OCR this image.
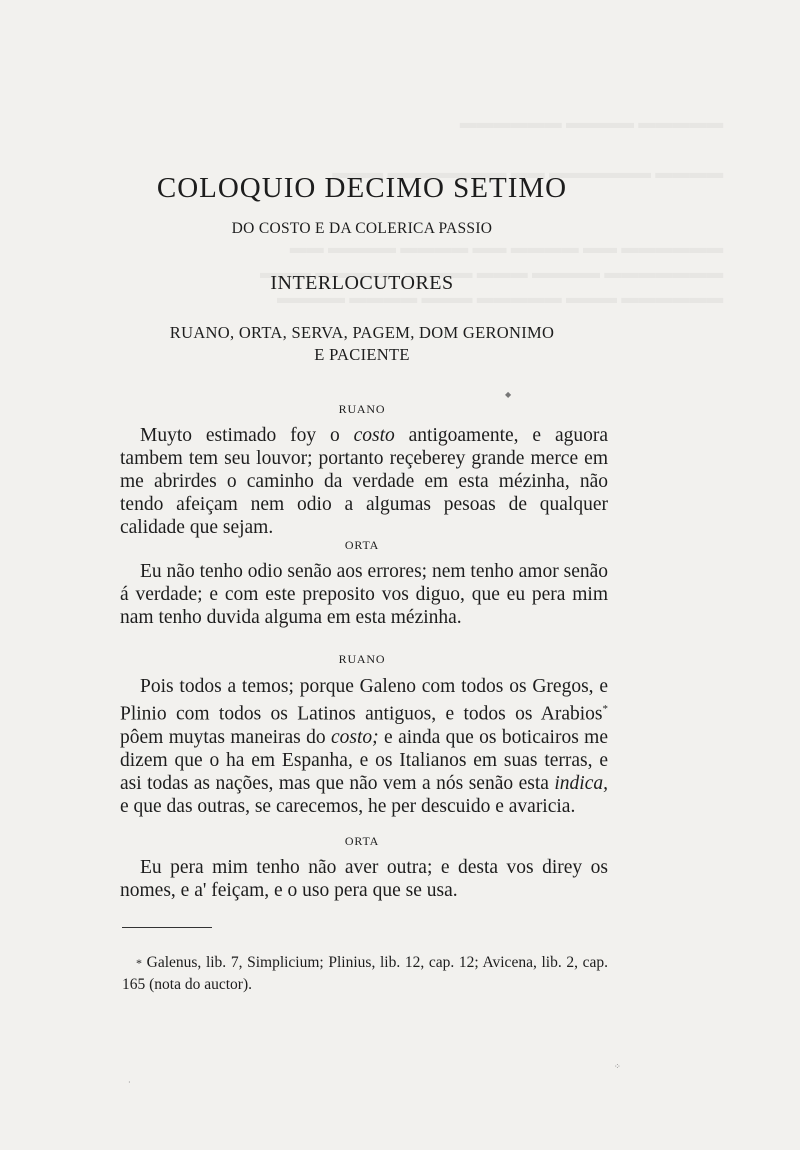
COLOQUIO DECIMO SETIMO
DO COSTO E DA COLERICA PASSIO
INTERLOCUTORES
RUANO, ORTA, SERVA, PAGEM, DOM GERONIMO
E PACIENTE
◆
RUANO
Muyto estimado foy o costo antigoamente, e aguora tambem tem seu louvor; portanto reçeberey grande merce em me abrirdes o caminho da verdade em esta mézinha, não tendo afeiçam nem odio a algumas pesoas de qualquer calidade que sejam.
ORTA
Eu não tenho odio senão aos errores; nem tenho amor senão á verdade; e com este preposito vos diguo, que eu pera mim nam tenho duvida alguma em esta mézinha.
RUANO
Pois todos a temos; porque Galeno com todos os Gregos, e Plinio com todos os Latinos antiguos, e todos os Arabios* pôem muytas maneiras do costo; e ainda que os boticairos me dizem que o ha em Espanha, e os Italianos em suas terras, e asi todas as nações, mas que não vem a nós senão esta indica, e que das outras, se carecemos, he per descuido e avaricia.
ORTA
Eu pera mim tenho não aver outra; e desta vos direy os nomes, e a' feiçam, e o uso pera que se usa.
* Galenus, lib. 7, Simplicium; Plinius, lib. 12, cap. 12; Avicena, lib. 2, cap. 165 (nota do auctor).
·
⁘
